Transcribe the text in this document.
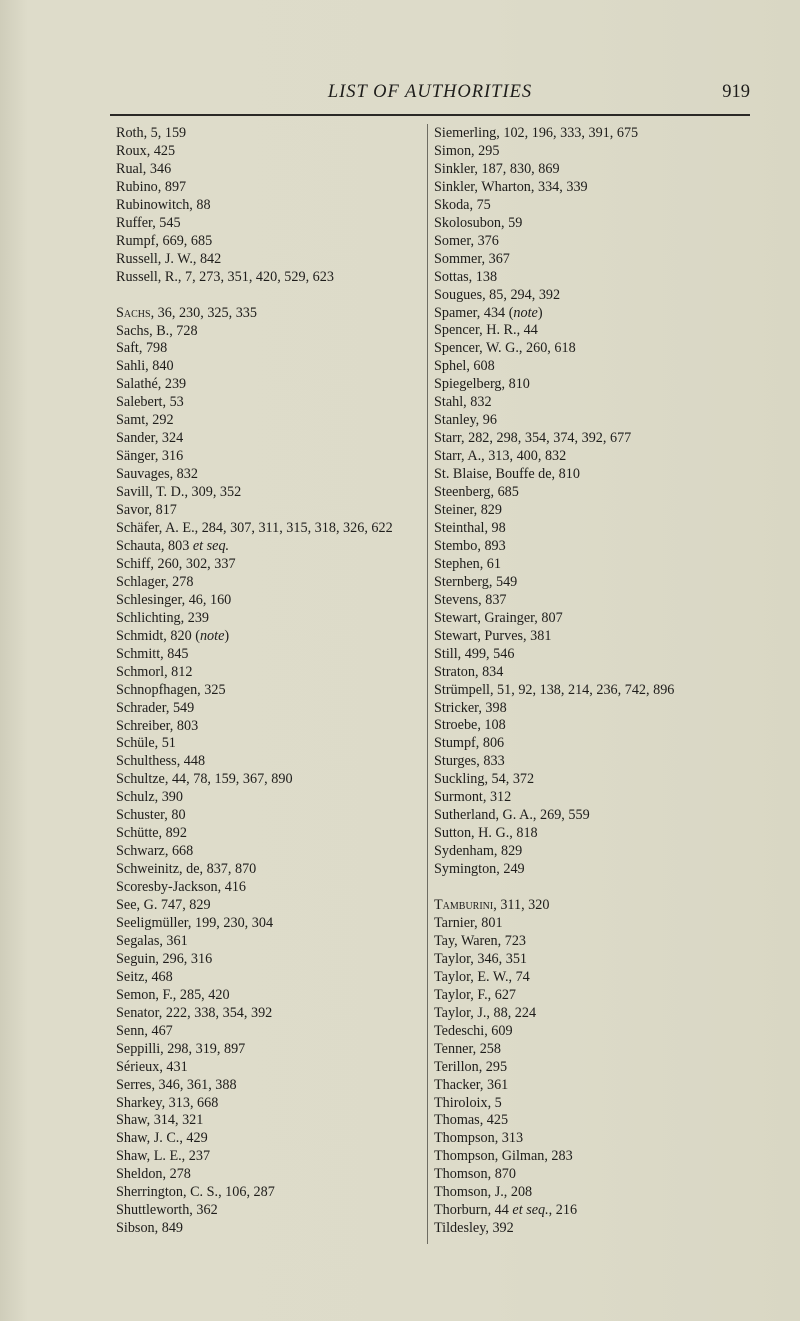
LIST OF AUTHORITIES	919
Roth, 5, 159
Roux, 425
Rual, 346
Rubino, 897
Rubinowitch, 88
Ruffer, 545
Rumpf, 669, 685
Russell, J. W., 842
Russell, R., 7, 273, 351, 420, 529, 623
Sachs, 36, 230, 325, 335
Sachs, B., 728
Saft, 798
Sahli, 840
Salathé, 239
Salebert, 53
Samt, 292
Sander, 324
Sänger, 316
Sauvages, 832
Savill, T. D., 309, 352
Savor, 817
Schäfer, A. E., 284, 307, 311, 315, 318, 326, 622
Schauta, 803 et seq.
Schiff, 260, 302, 337
Schlager, 278
Schlesinger, 46, 160
Schlichting, 239
Schmidt, 820 (note)
Schmitt, 845
Schmorl, 812
Schnopfhagen, 325
Schrader, 549
Schreiber, 803
Schüle, 51
Schulthess, 448
Schultze, 44, 78, 159, 367, 890
Schulz, 390
Schuster, 80
Schütte, 892
Schwarz, 668
Schweinitz, de, 837, 870
Scoresby-Jackson, 416
See, G. 747, 829
Seeligmüller, 199, 230, 304
Segalas, 361
Seguin, 296, 316
Seitz, 468
Semon, F., 285, 420
Senator, 222, 338, 354, 392
Senn, 467
Seppilli, 298, 319, 897
Sérieux, 431
Serres, 346, 361, 388
Sharkey, 313, 668
Shaw, 314, 321
Shaw, J. C., 429
Shaw, L. E., 237
Sheldon, 278
Sherrington, C. S., 106, 287
Shuttleworth, 362
Sibson, 849
Siemerling, 102, 196, 333, 391, 675
Simon, 295
Sinkler, 187, 830, 869
Sinkler, Wharton, 334, 339
Skoda, 75
Skolosubon, 59
Somer, 376
Sommer, 367
Sottas, 138
Sougues, 85, 294, 392
Spamer, 434 (note)
Spencer, H. R., 44
Spencer, W. G., 260, 618
Sphel, 608
Spiegelberg, 810
Stahl, 832
Stanley, 96
Starr, 282, 298, 354, 374, 392, 677
Starr, A., 313, 400, 832
St. Blaise, Bouffe de, 810
Steenberg, 685
Steiner, 829
Steinthal, 98
Stembo, 893
Stephen, 61
Sternberg, 549
Stevens, 837
Stewart, Grainger, 807
Stewart, Purves, 381
Still, 499, 546
Straton, 834
Strümpell, 51, 92, 138, 214, 236, 742, 896
Stricker, 398
Stroebe, 108
Stumpf, 806
Sturges, 833
Suckling, 54, 372
Surmont, 312
Sutherland, G. A., 269, 559
Sutton, H. G., 818
Sydenham, 829
Symington, 249
Tamburini, 311, 320
Tarnier, 801
Tay, Waren, 723
Taylor, 346, 351
Taylor, E. W., 74
Taylor, F., 627
Taylor, J., 88, 224
Tedeschi, 609
Tenner, 258
Terillon, 295
Thacker, 361
Thiroloix, 5
Thomas, 425
Thompson, 313
Thompson, Gilman, 283
Thomson, 870
Thomson, J., 208
Thorburn, 44 et seq., 216
Tildesley, 392
